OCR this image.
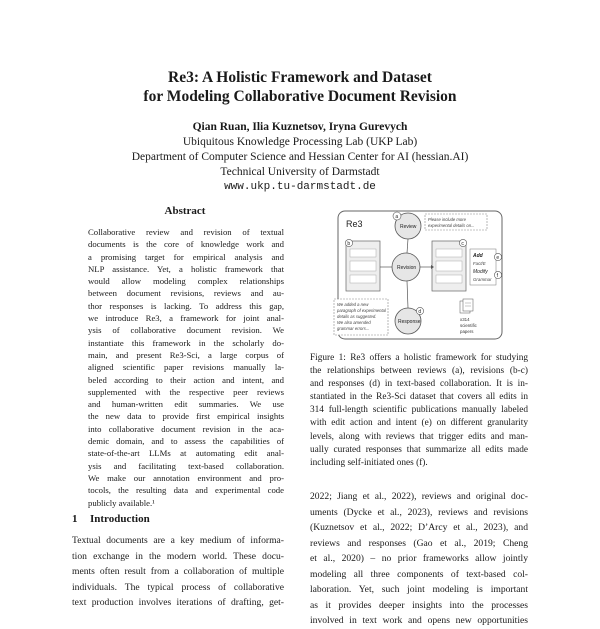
Re3: A Holistic Framework and Dataset
for Modeling Collaborative Document Revision
Qian Ruan, Ilia Kuznetsov, Iryna Gurevych
Ubiquitous Knowledge Processing Lab (UKP Lab)
Department of Computer Science and Hessian Center for AI (hessian.AI)
Technical University of Darmstadt
www.ukp.tu-darmstadt.de
Abstract
Collaborative review and revision of textual
documents is the core of knowledge work and
a promising target for empirical analysis and
NLP assistance. Yet, a holistic framework that
would allow modeling complex relationships
between document revisions, reviews and au-
thor responses is lacking. To address this gap,
we introduce Re3, a framework for joint anal-
ysis of collaborative document revision. We
instantiate this framework in the scholarly do-
main, and present Re3-Sci, a large corpus of
aligned scientific paper revisions manually la-
beled according to their action and intent, and
supplemented with the respective peer reviews
and human-written edit summaries. We use
the new data to provide first empirical insights
into collaborative document revision in the aca-
demic domain, and to assess the capabilities of
state-of-the-art LLMs at automating edit anal-
ysis and facilitating text-based collaboration.
We make our annotation environment and pro-
tocols, the resulting data and experimental code
publicly available.¹
1 Introduction
Textual documents are a key medium of informa-
tion exchange in the modern world. These docu-
ments often result from a collaboration of multiple
individuals. The typical process of collaborative
text production involves iterations of drafting, get-
Re3	Please include more
experimental details on...
Review
a
b	c
Revision
Add
Fact/E
Modify
Grammar
e
f
We added a new
paragraph of experimental
details as suggested.
We also amended
grammar errors...
Response
d
x314
scientific
papers
Figure 1: Re3 offers a holistic framework for studying
the relationships between reviews (a), revisions (b-c)
and responses (d) in text-based collaboration. It is in-
stantiated in the Re3-Sci dataset that covers all edits in
314 full-length scientific publications manually labeled
with edit action and intent (e) on different granularity
levels, along with reviews that trigger edits and man-
ually curated responses that summarize all edits made
including self-initiated ones (f).
2022; Jiang et al., 2022), reviews and original doc-
uments (Dycke et al., 2023), reviews and revisions
(Kuznetsov et al., 2022; D’Arcy et al., 2023), and
reviews and responses (Gao et al., 2019; Cheng
et al., 2020) – no prior frameworks allow jointly
modeling all three components of text-based col-
laboration. Yet, such joint modeling is important
as it provides deeper insights into the processes
involved in text work and opens new opportunities
